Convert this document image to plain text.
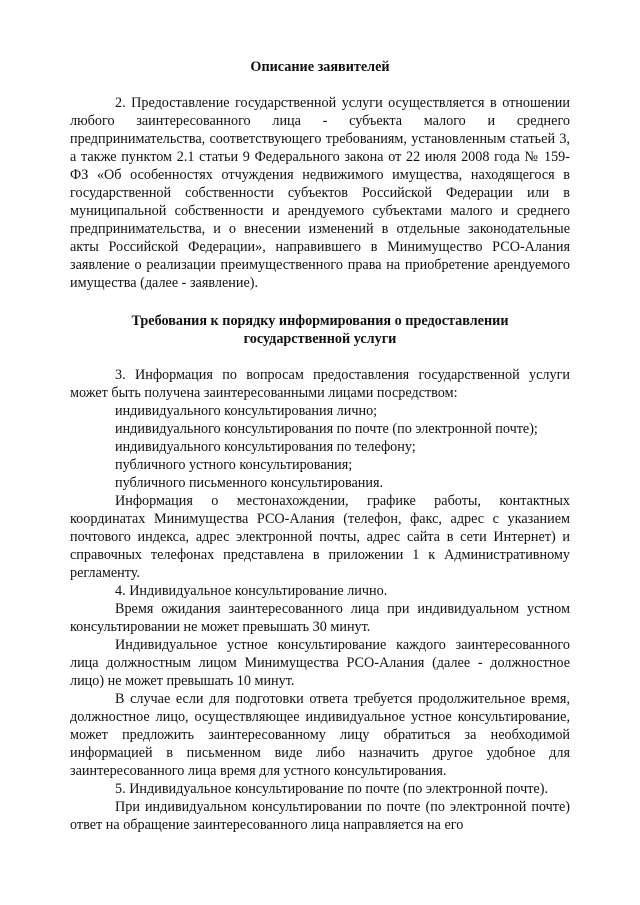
Описание заявителей

2. Предоставление государственной услуги осуществляется в отношении любого заинтересованного лица - субъекта малого и среднего предпринимательства, соответствующего требованиям, установленным статьей 3, а также пунктом 2.1 статьи 9 Федерального закона от 22 июля 2008 года № 159-ФЗ «Об особенностях отчуждения недвижимого имущества, находящегося в государственной собственности субъектов Российской Федерации или в муниципальной собственности и арендуемого субъектами малого и среднего предпринимательства, и о внесении изменений в отдельные законодательные акты Российской Федерации», направившего в Минимущество РСО-Алания заявление о реализации преимущественного права на приобретение арендуемого имущества (далее - заявление).

Требования к порядку информирования о предоставлении
государственной услуги

3. Информация по вопросам предоставления государственной услуги может быть получена заинтересованными лицами посредством:

индивидуального консультирования лично;

индивидуального консультирования по почте (по электронной почте);

индивидуального консультирования по телефону;

публичного устного консультирования;

публичного письменного консультирования.

Информация о местонахождении, графике работы, контактных координатах Минимущества РСО-Алания (телефон, факс, адрес с указанием почтового индекса, адрес электронной почты, адрес сайта в сети Интернет) и справочных телефонах представлена в приложении 1 к Административному регламенту.

4. Индивидуальное консультирование лично.

Время ожидания заинтересованного лица при индивидуальном устном консультировании не может превышать 30 минут.

Индивидуальное устное консультирование каждого заинтересованного лица должностным лицом Минимущества РСО-Алания (далее - должностное лицо) не может превышать 10 минут.

В случае если для подготовки ответа требуется продолжительное время, должностное лицо, осуществляющее индивидуальное устное консультирование, может предложить заинтересованному лицу обратиться за необходимой информацией в письменном виде либо назначить другое удобное для заинтересованного лица время для устного консультирования.

5. Индивидуальное консультирование по почте (по электронной почте).

При индивидуальном консультировании по почте (по электронной почте) ответ на обращение заинтересованного лица направляется на его
